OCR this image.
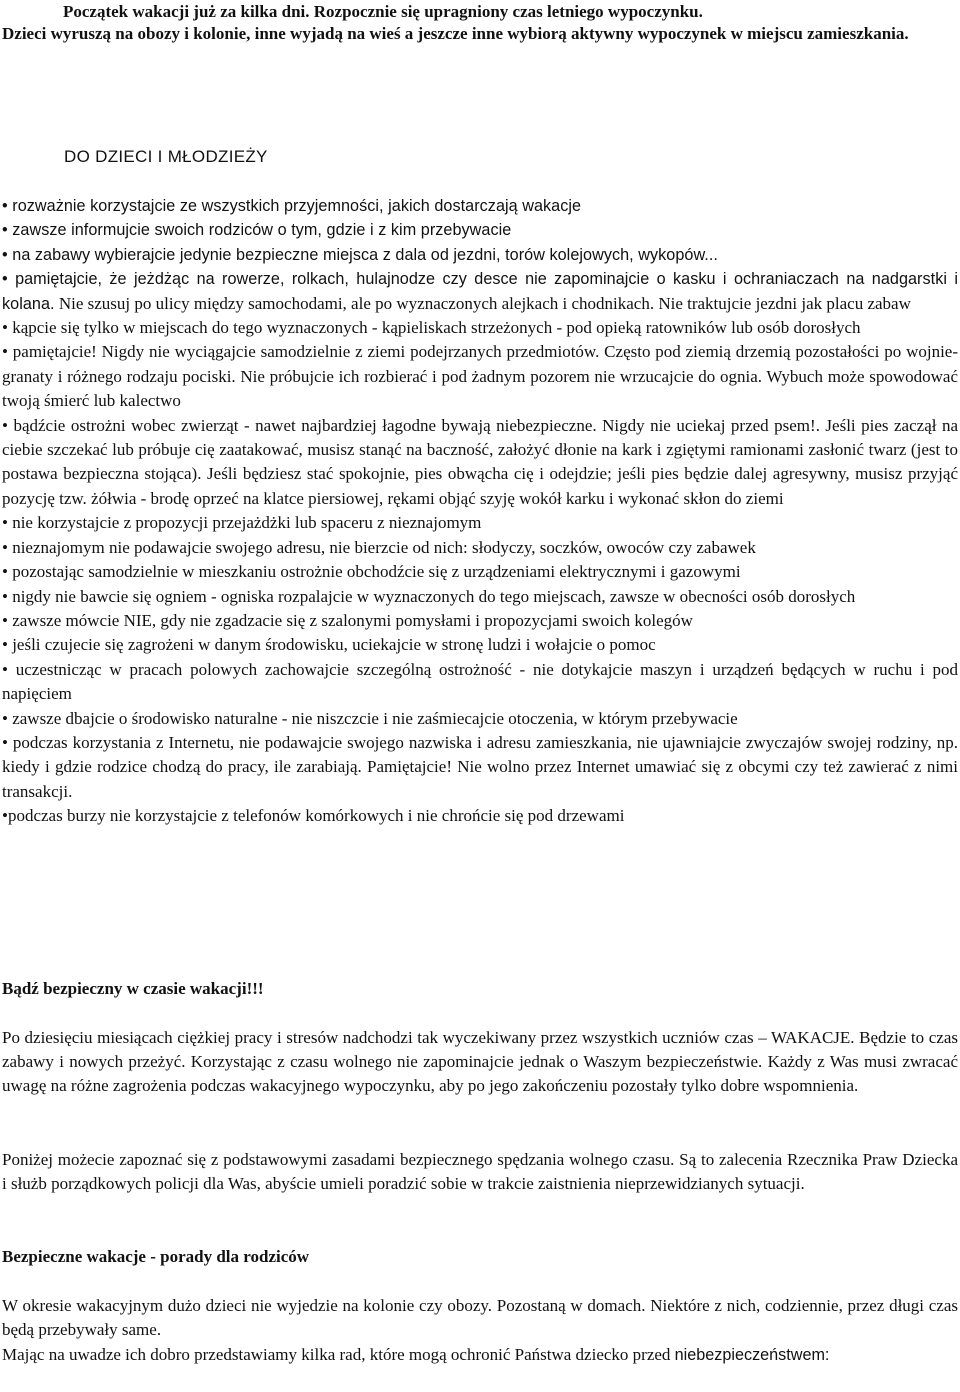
Początek wakacji już za kilka dni. Rozpocznie się upragniony czas letniego wypoczynku.
Dzieci wyruszą na obozy i kolonie, inne wyjadą na wieś a jeszcze inne wybiorą aktywny wypoczynek w miejscu zamieszkania.

DO DZIECI I MŁODZIEŻY

• rozważnie korzystajcie ze wszystkich przyjemności, jakich dostarczają wakacje

• zawsze informujcie swoich rodziców o tym, gdzie i z kim przebywacie

• na zabawy wybierajcie jedynie bezpieczne miejsca z dala od jezdni, torów kolejowych, wykopów...

• pamiętajcie, że jeżdżąc na rowerze, rolkach, hulajnodze czy desce nie zapominajcie o kasku i ochraniaczach na nadgarstki i kolana. Nie szusuj po ulicy między samochodami, ale po wyznaczonych alejkach i chodnikach. Nie traktujcie jezdni jak placu zabaw

• kąpcie się tylko w miejscach do tego wyznaczonych - kąpieliskach strzeżonych - pod opieką ratowników lub osób dorosłych

• pamiętajcie! Nigdy nie wyciągajcie samodzielnie z ziemi podejrzanych przedmiotów. Często pod ziemią drzemią pozostałości po wojnie- granaty i różnego rodzaju pociski. Nie próbujcie ich rozbierać i pod żadnym pozorem nie wrzucajcie do ognia. Wybuch może spowodować twoją śmierć lub kalectwo

• bądźcie ostrożni wobec zwierząt - nawet najbardziej łagodne bywają niebezpieczne. Nigdy nie uciekaj przed psem!. Jeśli pies zaczął na ciebie szczekać lub próbuje cię zaatakować, musisz stanąć na baczność, założyć dłonie na kark i zgiętymi ramionami zasłonić twarz (jest to postawa bezpieczna stojąca). Jeśli będziesz stać spokojnie, pies obwącha cię i odejdzie; jeśli pies będzie dalej agresywny, musisz przyjąć pozycję tzw. żółwia - brodę oprzeć na klatce piersiowej, rękami objąć szyję wokół karku i wykonać skłon do ziemi

• nie korzystajcie z propozycji przejażdżki lub spaceru z nieznajomym

• nieznajomym nie podawajcie swojego adresu, nie bierzcie od nich: słodyczy, soczków, owoców czy zabawek

• pozostając samodzielnie w mieszkaniu ostrożnie obchodźcie się z urządzeniami elektrycznymi i gazowymi

• nigdy nie bawcie się ogniem - ogniska rozpalajcie w wyznaczonych do tego miejscach, zawsze w obecności osób dorosłych

• zawsze mówcie NIE, gdy nie zgadzacie się z szalonymi pomysłami i propozycjami swoich kolegów

• jeśli czujecie się zagrożeni w danym środowisku, uciekajcie w stronę ludzi i wołajcie o pomoc

• uczestnicząc w pracach polowych zachowajcie szczególną ostrożność - nie dotykajcie maszyn i urządzeń będących w ruchu i pod napięciem

• zawsze dbajcie o środowisko naturalne - nie niszczcie i nie zaśmiecajcie otoczenia, w którym przebywacie

• podczas korzystania z Internetu, nie podawajcie swojego nazwiska i adresu zamieszkania, nie ujawniajcie zwyczajów swojej rodziny, np. kiedy i gdzie rodzice chodzą do pracy, ile zarabiają. Pamiętajcie! Nie wolno przez Internet umawiać się z obcymi czy też zawierać z nimi transakcji.

•podczas burzy nie korzystajcie z telefonów komórkowych i nie chrońcie się pod drzewami

Bądź bezpieczny w czasie wakacji!!!

Po dziesięciu miesiącach ciężkiej pracy i stresów nadchodzi tak wyczekiwany przez wszystkich uczniów czas – WAKACJE. Będzie to czas zabawy i nowych przeżyć. Korzystając z czasu wolnego nie zapominajcie jednak o Waszym bezpieczeństwie. Każdy z Was musi zwracać uwagę na różne zagrożenia podczas wakacyjnego wypoczynku, aby po jego zakończeniu pozostały tylko dobre wspomnienia.

Poniżej możecie zapoznać się z podstawowymi zasadami bezpiecznego spędzania wolnego czasu. Są to zalecenia Rzecznika Praw Dziecka i służb porządkowych policji dla Was, abyście umieli poradzić sobie w trakcie zaistnienia nieprzewidzianych sytuacji.

Bezpieczne wakacje - porady dla rodziców

W okresie wakacyjnym dużo dzieci nie wyjedzie na kolonie czy obozy. Pozostaną w domach. Niektóre z nich, codziennie, przez długi czas będą przebywały same.

Mając na uwadze ich dobro przedstawiamy kilka rad, które mogą ochronić Państwa dziecko przed niebezpieczeństwem:
